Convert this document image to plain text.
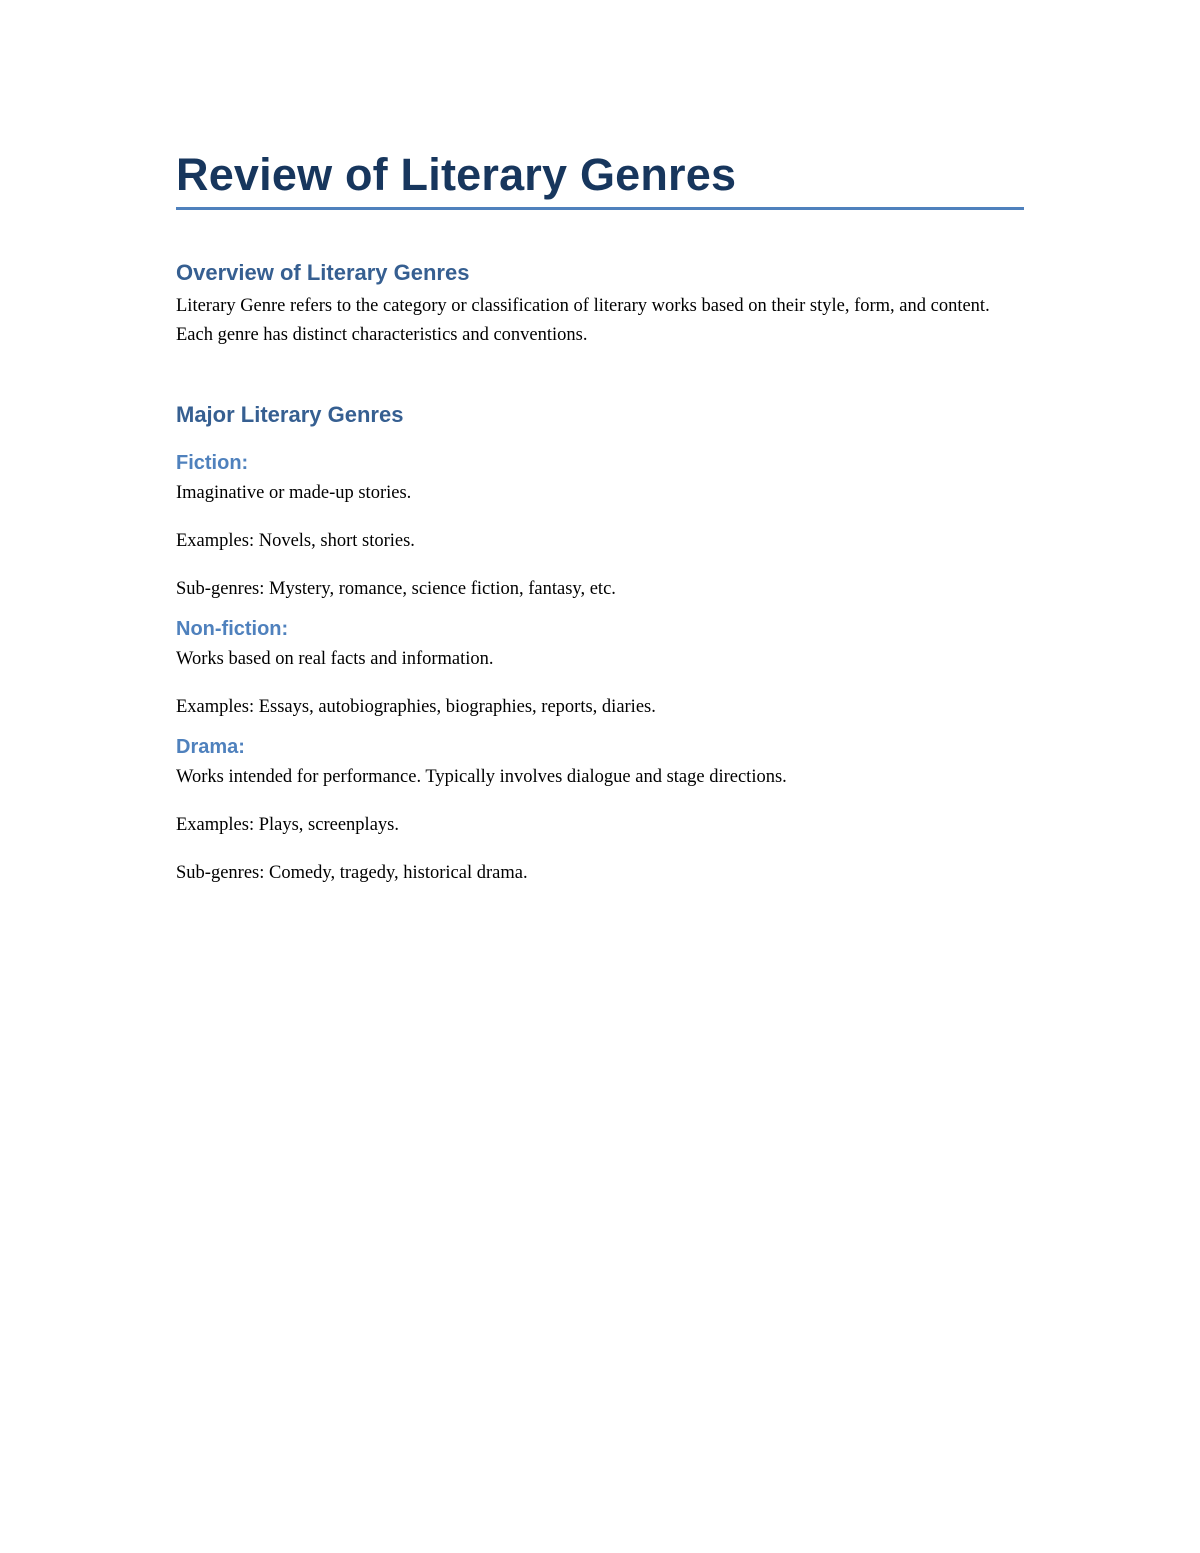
Review of Literary Genres
Overview of Literary Genres

Literary Genre refers to the category or classification of literary works based on their style, form, and content. Each genre has distinct characteristics and conventions.

Major Literary Genres
Fiction:

Imaginative or made-up stories.

Examples: Novels, short stories.

Sub-genres: Mystery, romance, science fiction, fantasy, etc.

Non-fiction:

Works based on real facts and information.

Examples: Essays, autobiographies, biographies, reports, diaries.

Drama:

Works intended for performance. Typically involves dialogue and stage directions.

Examples: Plays, screenplays.

Sub-genres: Comedy, tragedy, historical drama.
